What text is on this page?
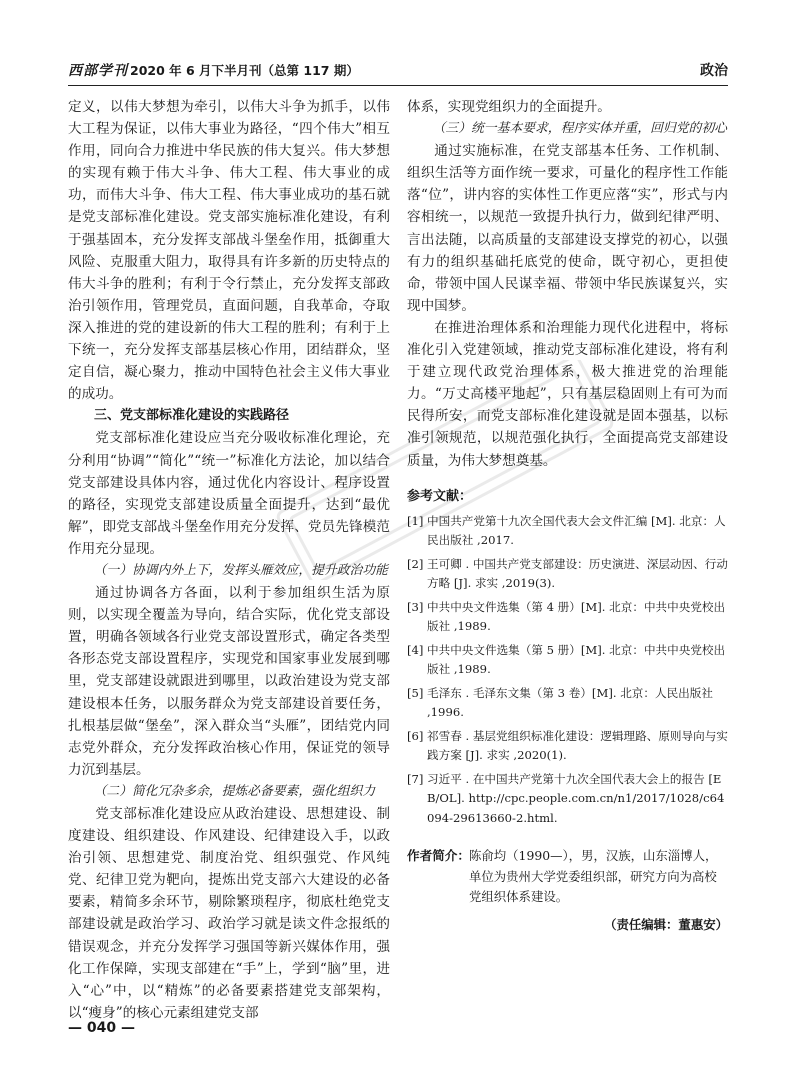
西部学刊 2020 年 6 月下半月刊（总第 117 期）	政治

定义，以伟大梦想为牵引，以伟大斗争为抓手，以伟大工程为保证，以伟大事业为路径，“四个伟大”相互作用，同向合力推进中华民族的伟大复兴。伟大梦想的实现有赖于伟大斗争、伟大工程、伟大事业的成功，而伟大斗争、伟大工程、伟大事业成功的基石就是党支部标准化建设。党支部实施标准化建设，有利于强基固本，充分发挥支部战斗堡垒作用，抵御重大风险、克服重大阻力，取得具有许多新的历史特点的伟大斗争的胜利；有利于令行禁止，充分发挥支部政治引领作用，管理党员，直面问题，自我革命，夺取深入推进的党的建设新的伟大工程的胜利；有利于上下统一，充分发挥支部基层核心作用，团结群众，坚定自信，凝心聚力，推动中国特色社会主义伟大事业的成功。

三、党支部标准化建设的实践路径

党支部标准化建设应当充分吸收标准化理论，充分利用“协调”“简化”“统一”标准化方法论，加以结合党支部建设具体内容，通过优化内容设计、程序设置的路径，实现党支部建设质量全面提升，达到“最优解”，即党支部战斗堡垒作用充分发挥、党员先锋模范作用充分显现。

（一）协调内外上下，发挥头雁效应，提升政治功能

通过协调各方各面，以利于参加组织生活为原则，以实现全覆盖为导向，结合实际，优化党支部设置，明确各领域各行业党支部设置形式，确定各类型各形态党支部设置程序，实现党和国家事业发展到哪里，党支部建设就跟进到哪里，以政治建设为党支部建设根本任务，以服务群众为党支部建设首要任务，扎根基层做“堡垒”，深入群众当“头雁”，团结党内同志党外群众，充分发挥政治核心作用，保证党的领导力沉到基层。

（二）简化冗杂多余，提炼必备要素，强化组织力

党支部标准化建设应从政治建设、思想建设、制度建设、组织建设、作风建设、纪律建设入手，以政治引领、思想建党、制度治党、组织强党、作风纯党、纪律卫党为靶向，提炼出党支部六大建设的必备要素，精简多余环节，剔除繁琐程序，彻底杜绝党支部建设就是政治学习、政治学习就是读文件念报纸的错误观念，并充分发挥学习强国等新兴媒体作用，强化工作保障，实现支部建在“手”上，学到“脑”里，进入“心”中，以“精炼”的必备要素搭建党支部架构，以“瘦身”的核心元素组建党支部

体系，实现党组织力的全面提升。

（三）统一基本要求，程序实体并重，回归党的初心

通过实施标准，在党支部基本任务、工作机制、组织生活等方面作统一要求，可量化的程序性工作能落“位”，讲内容的实体性工作更应落“实”，形式与内容相统一，以规范一致提升执行力，做到纪律严明、言出法随，以高质量的支部建设支撑党的初心，以强有力的组织基础托底党的使命，既守初心，更担使命，带领中国人民谋幸福、带领中华民族谋复兴，实现中国梦。

在推进治理体系和治理能力现代化进程中，将标准化引入党建领域，推动党支部标准化建设，将有利于建立现代政党治理体系，极大推进党的治理能力。“万丈高楼平地起”，只有基层稳固则上有可为而民得所安，而党支部标准化建设就是固本强基，以标准引领规范，以规范强化执行，全面提高党支部建设质量，为伟大梦想奠基。

参考文献：
[1] 中国共产党第十九次全国代表大会文件汇编 [M]. 北京：人民出版社 ,2017.
[2] 王可卿 . 中国共产党支部建设：历史演进、深层动因、行动方略 [J]. 求实 ,2019(3).
[3] 中共中央文件选集（第 4 册）[M]. 北京：中共中央党校出版社 ,1989.
[4] 中共中央文件选集（第 5 册）[M]. 北京：中共中央党校出版社 ,1989.
[5] 毛泽东 . 毛泽东文集（第 3 卷）[M]. 北京：人民出版社 ,1996.
[6] 祁雪春 . 基层党组织标准化建设：逻辑理路、原则导向与实践方案 [J]. 求实 ,2020(1).
[7] 习近平 . 在中国共产党第十九次全国代表大会上的报告 [EB/OL]. http://cpc.people.com.cn/n1/2017/1028/c64094-29613660-2.html.
作者简介： 陈俞均（1990—），男，汉族，山东淄博人，单位为贵州大学党委组织部，研究方向为高校党组织体系建设。
（责任编辑：董惠安）
— 040 —
